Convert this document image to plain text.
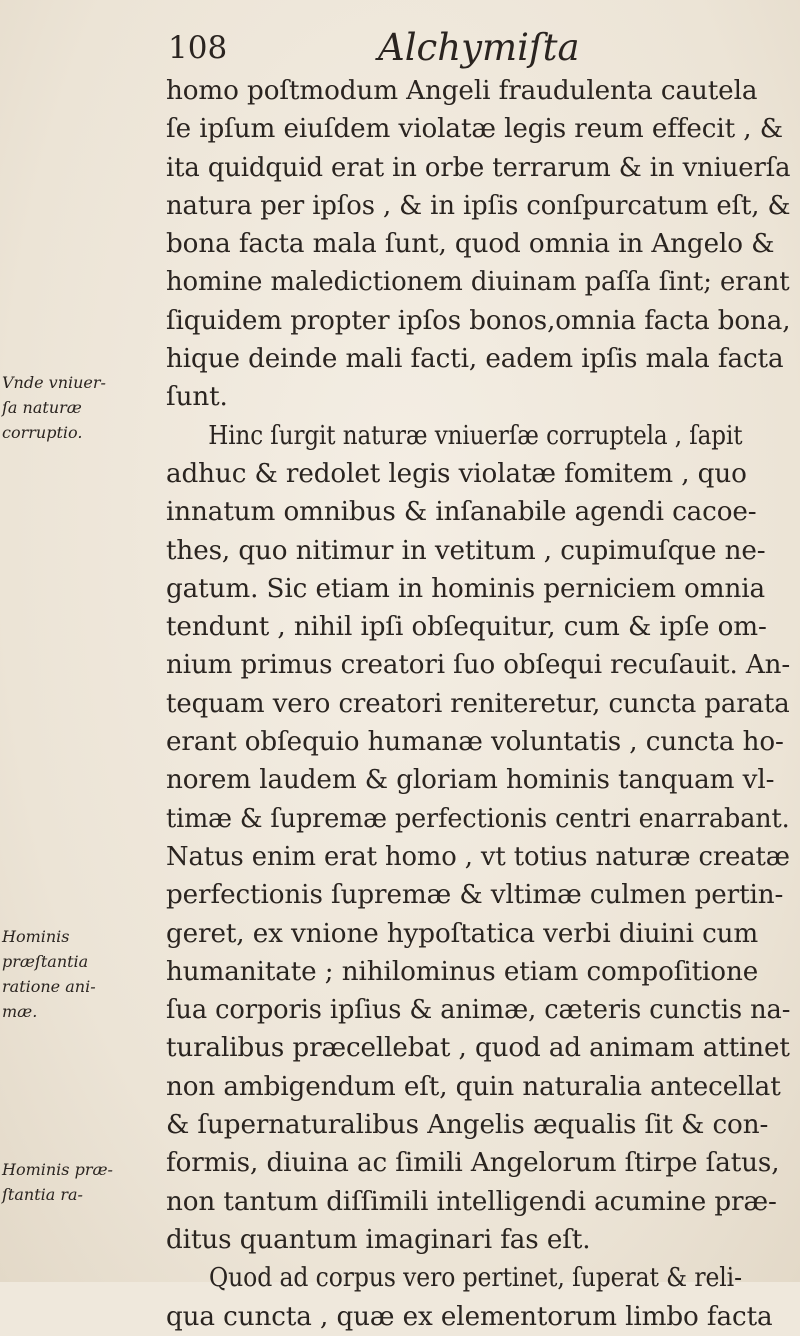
108	Alchymiſta
homo poſtmodum Angeli fraudulenta cautela
ſe ipſum eiuſdem violatæ legis reum effecit , &
ita quidquid erat in orbe terrarum & in vniuerſa
natura per ipſos , & in ipſis conſpurcatum eſt, &
bona facta mala ſunt, quod omnia in Angelo &
homine maledictionem diuinam paſſa ſint; erant
ſiquidem propter ipſos bonos,omnia facta bona,
hique deinde mali facti, eadem ipſis mala facta
ſunt.
Hinc ſurgit naturæ vniuerſæ corruptela , ſapit
adhuc & redolet legis violatæ fomitem , quo
innatum omnibus & inſanabile agendi cacoe-
thes, quo nitimur in vetitum , cupimuſque ne-
gatum. Sic etiam in hominis perniciem omnia
tendunt , nihil ipſi obſequitur, cum & ipſe om-
nium primus creatori ſuo obſequi recuſauit. An-
tequam vero creatori reniteretur, cuncta parata
erant obſequio humanæ voluntatis , cuncta ho-
norem laudem & gloriam hominis tanquam vl-
timæ & ſupremæ perfectionis centri enarrabant.
Natus enim erat homo , vt totius naturæ creatæ
perfectionis ſupremæ & vltimæ culmen pertin-
geret, ex vnione hypoſtatica verbi diuini cum
humanitate ; nihilominus etiam compoſitione
ſua corporis ipſius & animæ, cæteris cunctis na-
turalibus præcellebat , quod ad animam attinet
non ambigendum eſt, quin naturalia antecellat
& ſupernaturalibus Angelis æqualis ſit & con-
formis, diuina ac ſimili Angelorum ſtirpe ſatus,
non tantum diſſimili intelligendi acumine præ-
ditus quantum imaginari fas eſt.
Quod ad corpus vero pertinet, ſuperat & reli-
qua cuncta , quæ ex elementorum limbo facta
Vnde vniuer-
ſa naturæ
corruptio.
Hominis
præſtantia
ratione ani-
mæ.
Hominis præ-
ſtantia ra-
